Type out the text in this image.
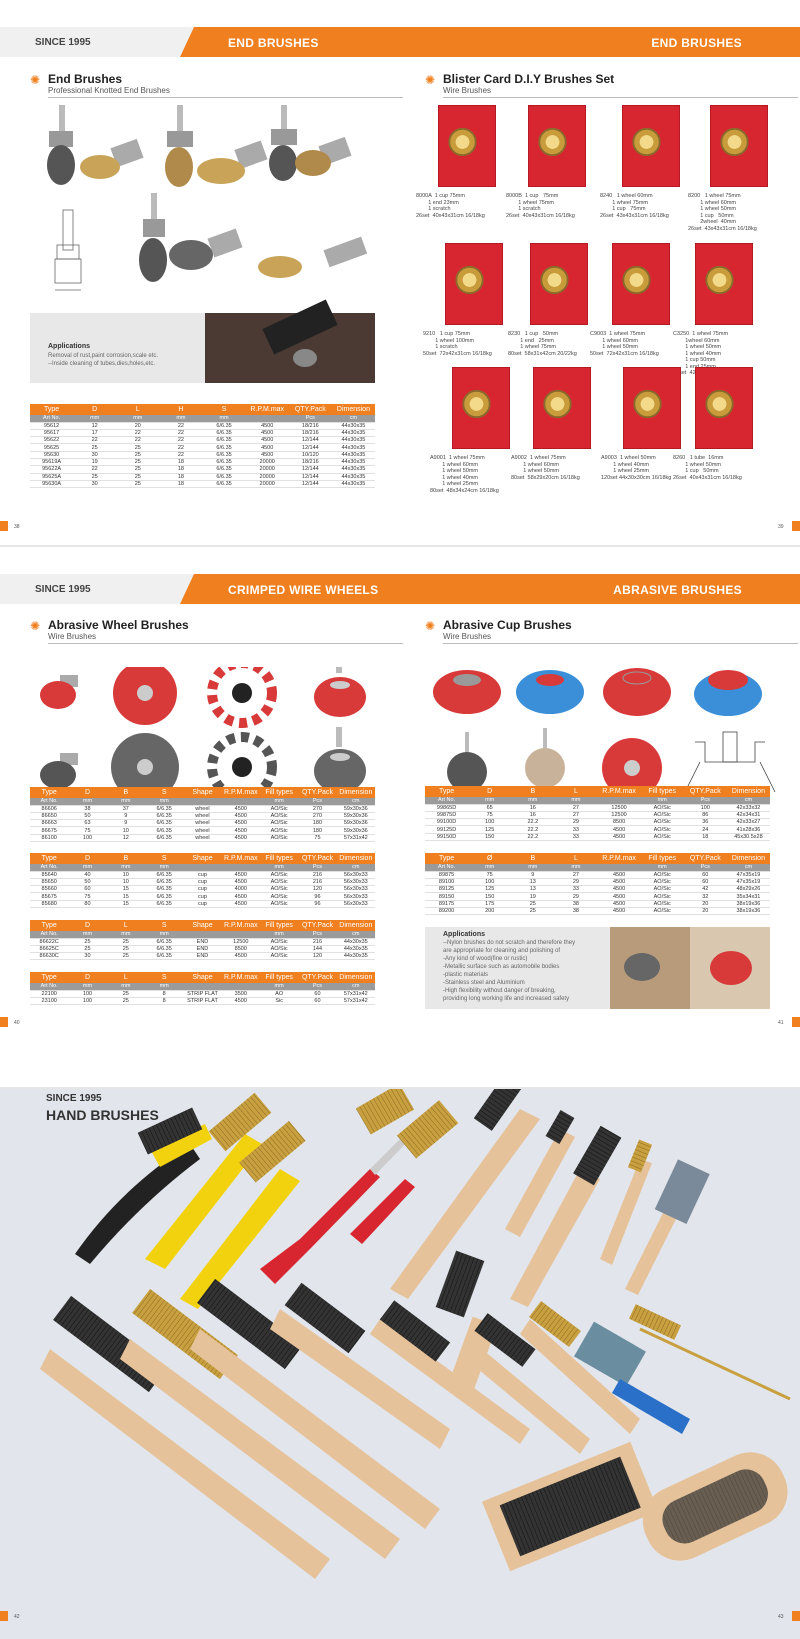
SINCE 1995	END BRUSHES	END BRUSHES
✺ End Brushes
Professional Knotted End Brushes
Applications
Removal of rust,paint corrosion,scale etc.
--Inside cleaning of tubes,dies,holes,etc.
Type	D	L	H	S	R.P.M.max	QTY.Pack	Dimension
Art No.	mm	mm	mm	mm		Pcs	cm
95612	12	20	22	6/6.35	4500	18/216	44x30x35
95617	17	22	22	6/6.35	4500	18/216	44x30x35
95622	22	22	22	6/6.35	4500	12/144	44x30x35
95625	25	25	22	6/6.35	4500	12/144	44x30x35
95630	30	25	22	6/6.35	4500	10/120	44x30x35
95619A	19	25	18	6/6.35	20000	18/216	44x30x35
95622A	22	25	18	6/6.35	20000	12/144	44x30x35
95625A	25	25	18	6/6.35	20000	12/144	44x30x35
95630A	30	25	18	6/6.35	20000	12/144	44x30x35
38
✺ Blister Card D.I.Y Brushes Set
Wire Brushes
8000A  1 cup 75mm
1 end 23mm
1 scratch
26set  40x43x31cm 16/18kg
8000B  1 cup   75mm
1 wheel 75mm
1 scratch
26set  40x43x31cm 16/18kg
8240   1 wheel 60mm
1 wheel 75mm
1 cup   75mm
26set  43x43x31cm 16/18kg
8200   1 wheel 75mm
1 wheel 60mm
1 wheel 50mm
1 cup   50mm
2wheel  40mm
26set  43x43x31cm 16/18kg
9210   1 cup 75mm
1 wheel 100mm
1 scratch
50set  72x42x31cm 16/18kg
8230   1 cup   50mm
1 end   25mm
1 wheel 75mm
80set  58x31x42cm 20/22kg
C9003  1 wheel 75mm
1 wheel 60mm
1 wheel 50mm
50set  72x42x31cm 16/18kg
C3250  1 wheel 75mm
1wheel 60mm
1 wheel 50mm
1 wheel 40mm
1 cup 50mm
1

A9001  1 wheel 75mm
1 wheel 60mm
1 wheel 50mm
1 wheel 40mm
1 wheel 25mm
80set  48x34x24cm 16/18kg
A9002  1 wheel 75mm
1 wheel 60mm
1 wheel 50mm
80set  58x29x20cm 16/18kg
A9003  1 wheel 50mm
1 wheel 40mm
1 wheel 25mm
120set 44x30x30cm 16/18kg
8260   1 tube  16mm
1 wheel 50mm
1 cup   50mm
26set  40x43x31cm 16/18kg
39
SINCE 1995	CRIMPED WIRE WHEELS	ABRASIVE BRUSHES
✺ Abrasive Wheel Brushes
Wire Brushes
Type	D	B	S	Shape	R.P.M.max	Fill types	QTY.Pack	Dimension
Art No.	mm	mm	mm			mm	Pcs	cm
86606	38	37	6/6.35	wheel	4500	AO/Sic	270	59x30x36
86650	50	9	6/6.35	wheel	4500	AO/Sic	270	59x30x36
86663	63	9	6/6.35	wheel	4500	AO/Sic	180	59x30x36
86675	75	10	6/6.35	wheel	4500	AO/Sic	180	59x30x36
86100	100	12	6/6.35	wheel	4500	AO/Sic	75	57x31x42
Type	D	B	S	Shape	R.P.M.max	Fill types	QTY.Pack	Dimension
Art No.	mm	mm	mm			mm	Pcs	cm
85640	40	10	6/6.35	cup	4500	AO/Sic	216	56x30x33
85650	50	10	6/6.35	cup	4500	AO/Sic	216	56x30x33
85660	60	15	6/6.35	cup	4000	AO/Sic	120	56x30x33
85675	75	15	6/6.35	cup	4500	AO/Sic	96	56x30x33
85680	80	15	6/6.35	cup	4500	AO/Sic	96	56x30x33
Type	D	L	S	Shape	R.P.M.max	Fill types	QTY.Pack	Dimension
Art No.	mm	mm	mm			mm	Pcs	cm
86622C	25	25	6/6.35	END	12500	AO/Sic	216	44x30x35
86625C	25	25	6/6.35	END	8500	AO/Sic	144	44x30x35
86630C	30	25	6/6.35	END	4500	AO/Sic	120	44x30x35
Type	D	L	S	Shape	R.P.M.max	Fill types	QTY.Pack	Dimension
Art No.	mm	mm	mm			mm	Pcs	cm
22100	100	25	8	STRIP FLAT	3500	AO	60	57x31x42
23100	100	25	8	STRIP FLAT	4500	Sic	60	57x31x42
40
✺ Abrasive Cup Brushes
Wire Brushes
Type	D	B	L	R.P.M.max	Fill types	QTY.Pack	Dimension
Art No.	mm	mm	mm		mm	Pcs	cm
99865D	65	16	27	12500	AO/Sic	100	42x33x32
99875D	75	16	27	12500	AO/Sic	86	42x34x31
99100D	100	22.2	29	8500	AO/Sic	36	42x33x27
99125D	125	22.2	33	4500	AO/Sic	24	41x28x36
99150D	150	22.2	33	4500	AO/Sic	18	45x30.5x28
Type	Ø	B	L	R.P.M.max	Fill types	QTY.Pack	Dimension
Art No.	mm	mm	mm		mm	Pcs	cm
89875	75	9	27	4500	AO/Sic	60	47x35x19
89100	100	13	29	4500	AO/Sic	60	47x35x19
89125	125	13	33	4500	AO/Sic	42	48x29x26
89150	150	19	29	4500	AO/Sic	32	35x34x31
89175	175	25	38	4500	AO/Sic	20	38x19x36
89200	200	25	38	4500	AO/Sic	20	38x19x36
Applications
--Nylon brushes do not scratch and therefore they
are appropriate for cleaning and polishing of
-Any kind of wood(fine or rustic)
-Metallic surface such as automobile bodies
-plastic materials
-Stainless steel and Aluminium
-High flexibility without danger of breaking,
providing long working life and increased safety
41
SINCE 1995
HAND BRUSHES
42	43
